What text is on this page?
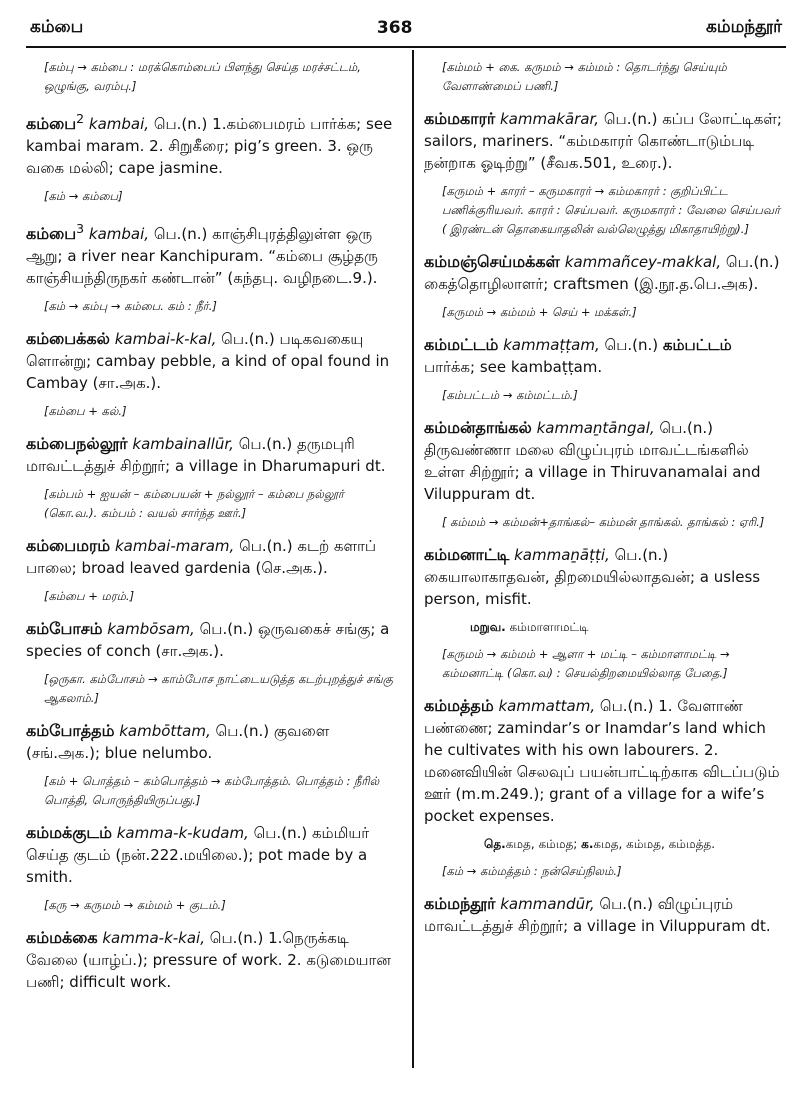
கம்பை	368	கம்மந்தூர்
[கம்பு → கம்பை : மரக்கொம்பைப் பிளந்து செய்த மரச்சட்டம், ஒழுங்கு, வரம்பு.]
கம்பை$^2$ kambai, பெ.(n.) 1.கம்பைமரம் பார்க்க; see kambai maram. 2. சிறுகீரை; pig’s green. 3. ஒரு வகை மல்லி; cape jasmine.
[கம் → கம்பை]
கம்பை$^3$ kambai, பெ.(n.) காஞ்சிபுரத்திலுள்ள ஒரு ஆறு; a river near Kanchipuram. “கம்பை சூழ்தரு காஞ்சியந்திருநகர் கண்டான்” (கந்தபு. வழிநடை.9.).
[கம் → கம்பு → கம்பை. கம் : நீர்.]
கம்பைக்கல் kambai-k-kal, பெ.(n.) படிகவகையு ளொன்று; cambay pebble, a kind of opal found in Cambay (சா.அக.).
[கம்பை + கல்.]
கம்பைநல்லூர் kambainallūr, பெ.(n.) தருமபுரி மாவட்டத்துச் சிற்றூர்; a village in Dharumapuri dt.
[கம்பம் + ஐயன் – கம்பையன் + நல்லூர் – கம்பை நல்லூர் (கொ.வ.). கம்பம் : வயல் சார்ந்த ஊர்.]
கம்பைமரம் kambai-maram, பெ.(n.) கடற் களாப் பாலை; broad leaved gardenia (செ.அக.).
[கம்பை + மரம்.]
கம்போசம் kambōsam, பெ.(n.) ஒருவகைச் சங்கு; a species of conch (சா.அக.).
[ஒருகா. கம்போசம் → காம்போச நாட்டையடுத்த கடற்புறத்துச் சங்கு ஆகலாம்.]
கம்போத்தம் kambōttam, பெ.(n.) குவளை (சங்.அக.); blue nelumbo.
[கம் + பொத்தம் – கம்பொத்தம் → கம்போத்தம். பொத்தம் : நீரில் பொத்தி, பொருந்தியிருப்பது.]
கம்மக்குடம் kamma-k-kudam, பெ.(n.) கம்மியர் செய்த குடம் (நன்.222.மயிலை.); pot made by a smith.
[கரு → கருமம் → கம்மம் + குடம்.]
கம்மக்கை kamma-k-kai, பெ.(n.) 1.நெருக்கடி வேலை (யாழ்ப்.); pressure of work. 2. கடுமையான பணி; difficult work.
[கம்மம் + கை. கருமம் → கம்மம் : தொடர்ந்து செய்யும் வேளாண்மைப் பணி.]
கம்மகாரர் kammakārar, பெ.(n.) கப்ப லோட்டிகள்; sailors, mariners. “கம்மகாரர் கொண்டாடும்படி நன்றாக ஓடிற்று” (சீவக.501, உரை.).
[கருமம் + காரர் – கருமகாரர் → கம்மகாரர் : குறிப்பிட்ட பணிக்குரியவர். காரர் : செய்பவர். கருமகாரர் : வேலை செய்பவர் ( இரண்டன் தொகையாதலின் வல்லெழுத்து மிகாதாயிற்று).]
கம்மஞ்செய்மக்கள் kammañcey-makkal, பெ.(n.) கைத்தொழிலாளர்; craftsmen (இ.நூ.த.பெ.அக).
[கருமம் → கம்மம் + செய் + மக்கள்.]
கம்மட்டம் kammaṭṭam, பெ.(n.) கம்பட்டம் பார்க்க; see kambaṭṭam.
[கம்பட்டம் → கம்மட்டம்.]
கம்மன்தாங்கல் kammaṉtāngal, பெ.(n.) திருவண்ணா மலை விழுப்புரம் மாவட்டங்களில் உள்ள சிற்றூர்; a village in Thiruvanamalai and Viluppuram dt.
[ கம்மம் → கம்மன்+தாங்கல்– கம்மன் தாங்கல். தாங்கல் : ஏரி.]
கம்மனாட்டி kammaṉāṭṭi, பெ.(n.) கையாலாகாதவன், திறமையில்லாதவன்; a usless person, misfit.
மறுவ. கம்மாளாமட்டி
[கருமம் → கம்மம் + ஆளா + மட்டி – கம்மாளாமட்டி → கம்மனாட்டி (கொ.வ) : செயல்திறமையில்லாத பேதை.]
கம்மத்தம் kammattam, பெ.(n.) 1. வேளாண் பண்ணை; zamindar’s or Inamdar’s land which he cultivates with his own labourers. 2. மனைவியின் செலவுப் பயன்பாட்டிற்காக விடப்படும் ஊர் (m.m.249.); grant of a village for a wife’s pocket expenses.
தெ.கமத, கம்மத; க.கமத, கம்மத, கம்மத்த.
[கம் → கம்மத்தம் : நன்செய்நிலம்.]
கம்மந்தூர் kammandūr, பெ.(n.) விழுப்புரம் மாவட்டத்துச் சிற்றூர்; a village in Viluppuram dt.
